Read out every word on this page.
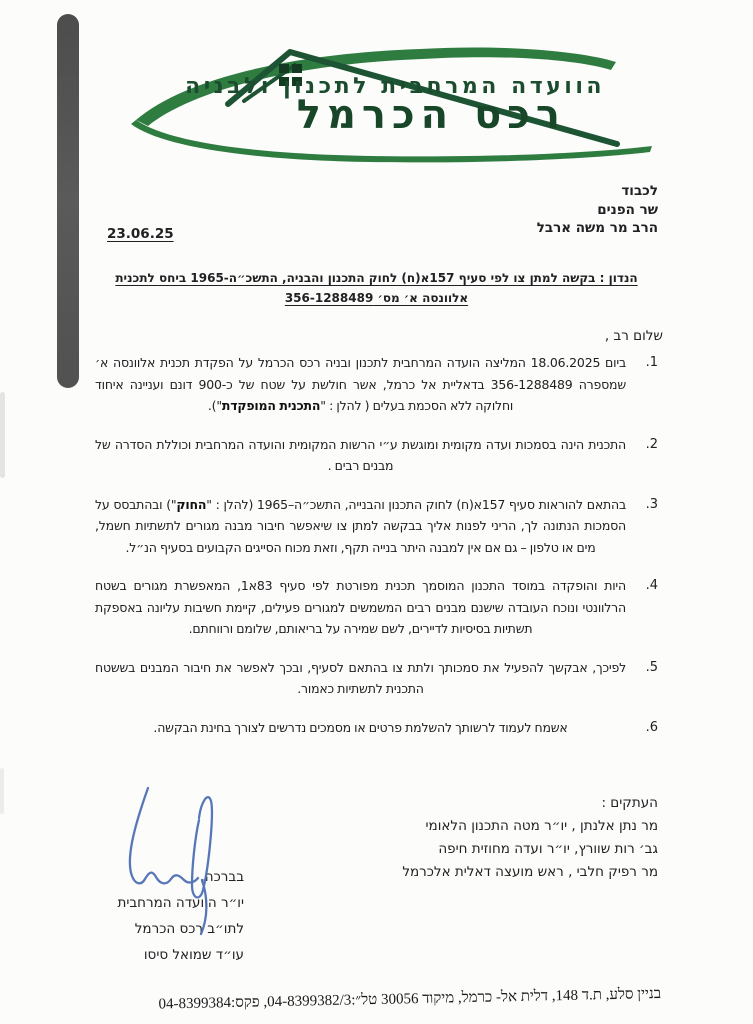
הוועדה המרחבית לתכנון ולבניה
רכס הכרמל
לכבוד
שר הפנים
הרב מר משה ארבל
23.06.25
הנדון : בקשה למתן צו לפי סעיף 157א(ח) לחוק התכנון והבניה, התשכ״ה-1965 ביחס לתכנית
אלוונסה א׳ מס׳ 356-1288489
שלום רב ,
1.
ביום 18.06.2025 המליצה הועדה המרחבית לתכנון ובניה רכס הכרמל על הפקדת תכנית אלוונסה א׳ שמספרה 356-1288489 בדאליית אל כרמל, אשר חולשת על שטח של כ-900 דונם ועניינה איחוד וחלוקה ללא הסכמת בעלים ( להלן : "התכנית המופקדת").
2.
התכנית הינה בסמכות ועדה מקומית ומוגשת ע״י הרשות המקומית והועדה המרחבית וכוללת הסדרה של מבנים רבים .
3.
בהתאם להוראות סעיף 157א(ח) לחוק התכנון והבנייה, התשכ״ה–1965 (להלן : "החוק") ובהתבסס על הסמכות הנתונה לך, הריני לפנות אליך בבקשה למתן צו שיאפשר חיבור מבנה מגורים לתשתיות חשמל, מים או טלפון – גם אם אין למבנה היתר בנייה תקף, וזאת מכוח הסייגים הקבועים בסעיף הנ״ל.
4.
היות והופקדה במוסד התכנון המוסמך תכנית מפורטת לפי סעיף 83א1, המאפשרת מגורים בשטח הרלוונטי ונוכח העובדה שישנם מבנים רבים המשמשים למגורים פעילים, קיימת חשיבות עליונה באספקת תשתיות בסיסיות לדיירים, לשם שמירה על בריאותם, שלומם ורווחתם.
5.
לפיכך, אבקשך להפעיל את סמכותך ולתת צו בהתאם לסעיף, ובכך לאפשר את חיבור המבנים בששטח התכנית לתשתיות כאמור.
6.
אשמח לעמוד לרשותך להשלמת פרטים או מסמכים נדרשים לצורך בחינת הבקשה.
העתקים :
מר נתן אלנתן , יו״ר מטה התכנון הלאומי
גב׳ רות שוורץ, יו״ר ועדה מחוזית חיפה
מר רפיק חלבי , ראש מועצה דאלית אלכרמל
בברכה,
יו״ר הוועדה המרחבית
לתו״ב רכס הכרמל
עו״ד שמואל סיסו
בניין סלע, ת.ד 148, דלית אל- כרמל, מיקוד 30056 טל״:04-8399382/3, פקס:04-8399384
